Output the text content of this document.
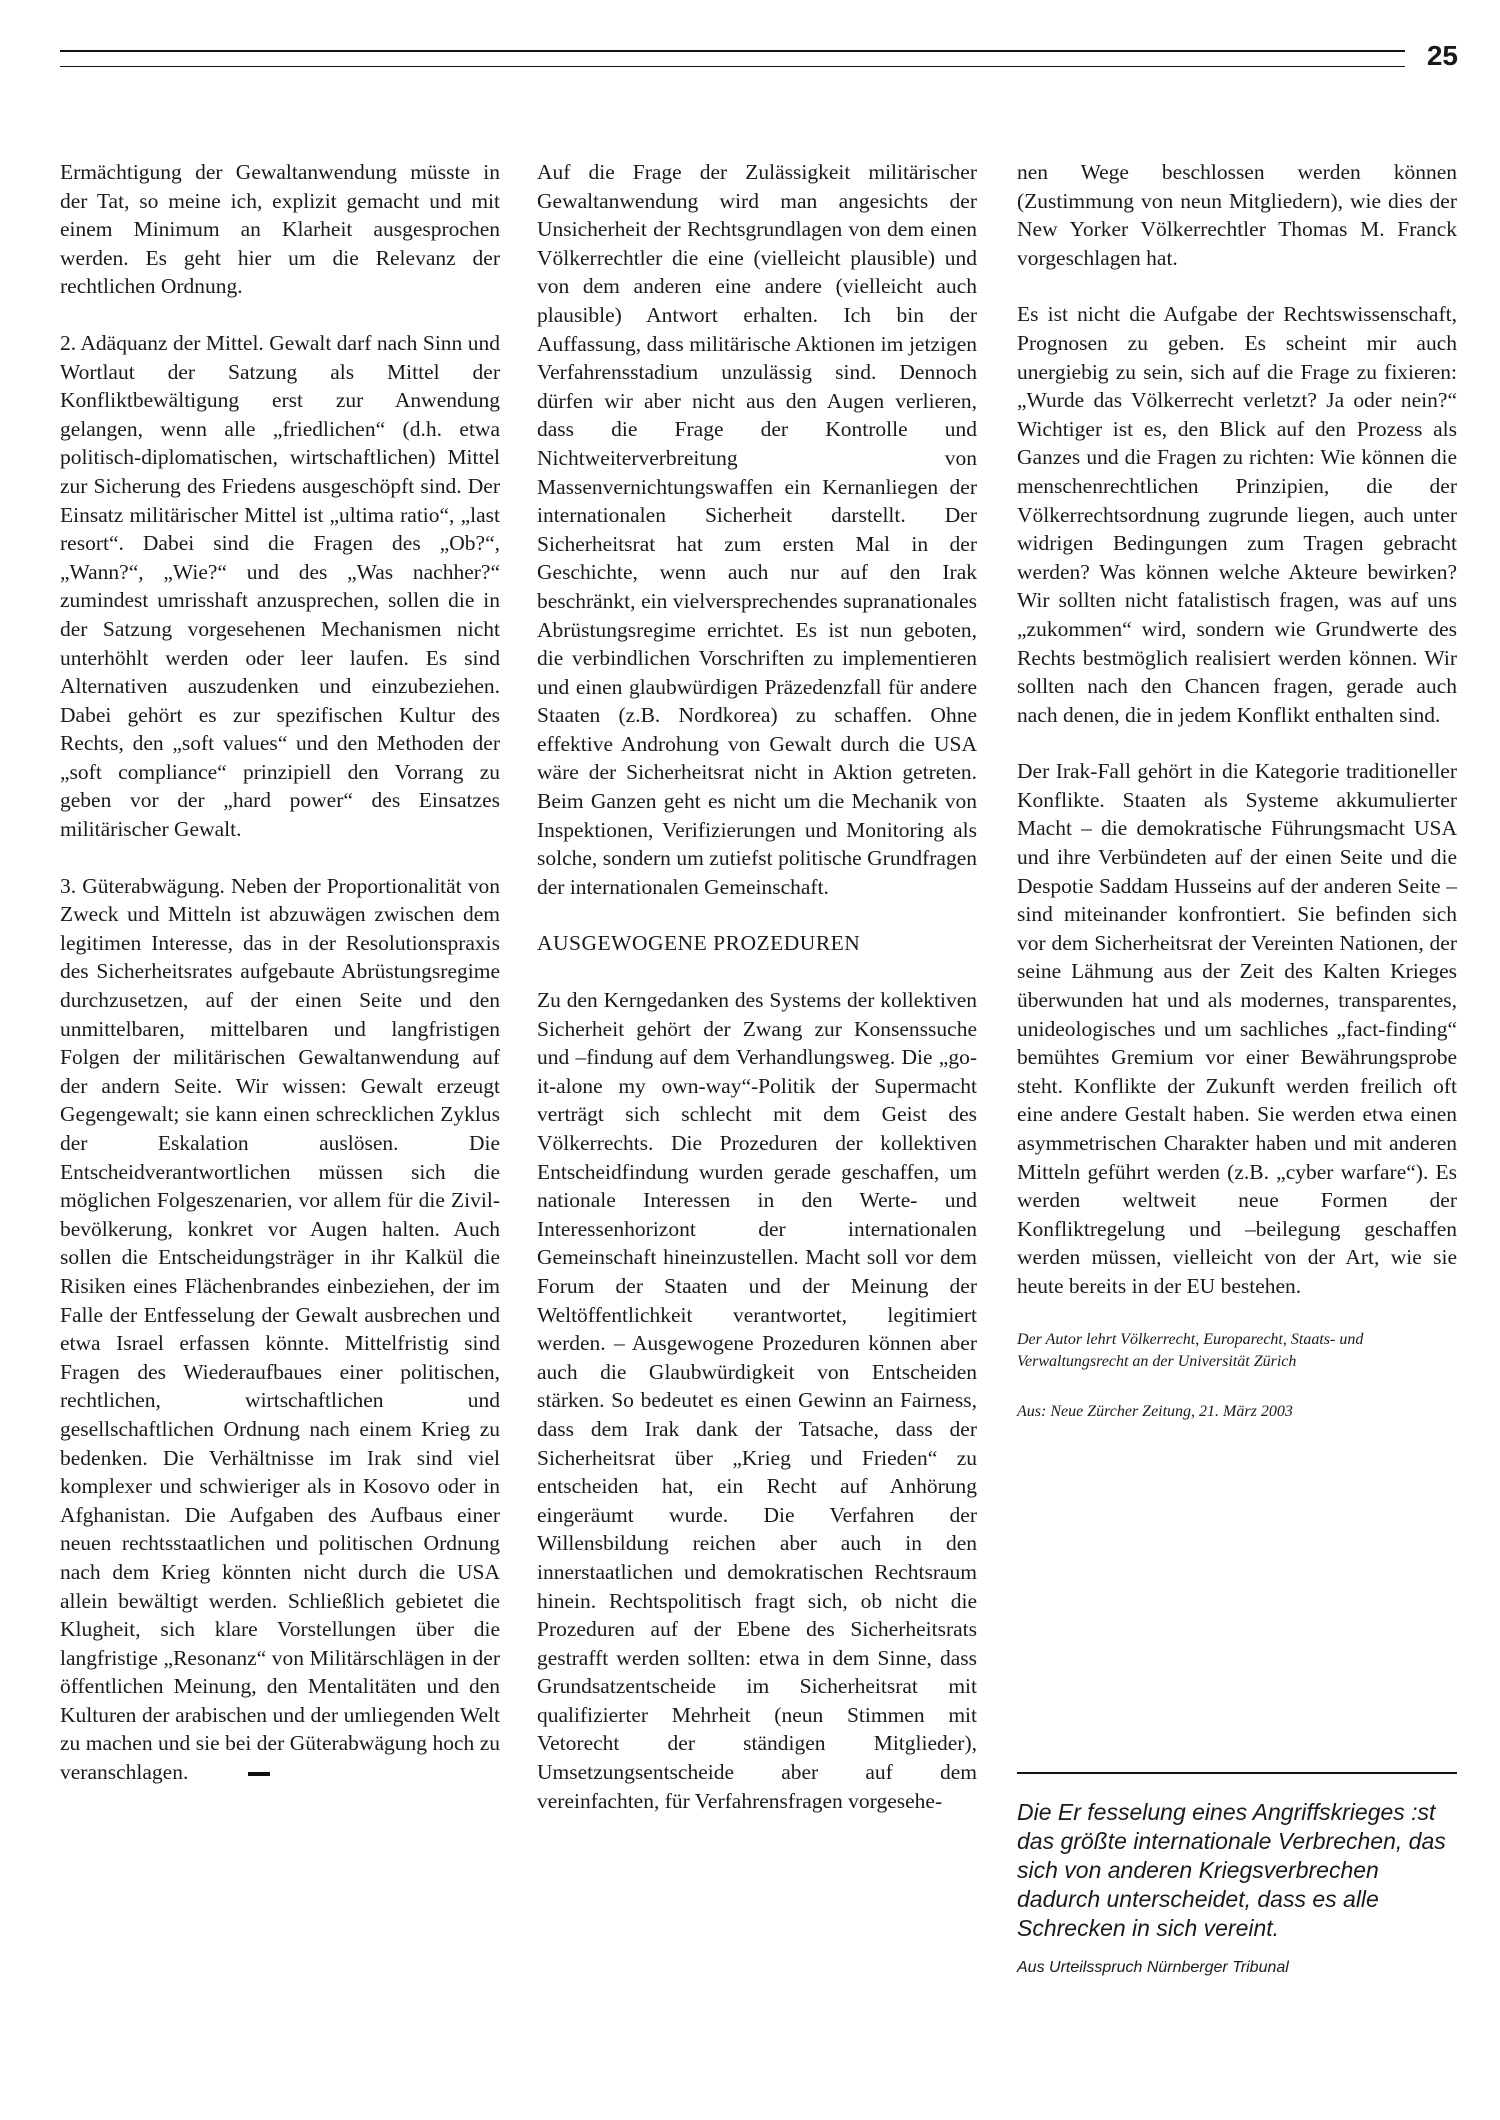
25

Ermächtigung der Gewaltanwendung müsste in der Tat, so meine ich, explizit gemacht und mit einem Minimum an Klarheit ausgesprochen werden. Es geht hier um die Relevanz der rechtlichen Ordnung.

2. Adäquanz der Mittel. Gewalt darf nach Sinn und Wortlaut der Satzung als Mittel der Konfliktbewältigung erst zur Anwendung gelangen, wenn alle „friedlichen“ (d.h. etwa politisch-diplomatischen, wirtschaftlichen) Mittel zur Sicherung des Friedens ausgeschöpft sind. Der Einsatz militärischer Mittel ist „ultima ratio“, „last resort“. Dabei sind die Fragen des „Ob?“, „Wann?“, „Wie?“ und des „Was nachher?“ zumindest umrisshaft anzusprechen, sollen die in der Satzung vorgesehenen Mechanismen nicht unterhöhlt werden oder leer laufen. Es sind Alternativen auszudenken und einzubeziehen. Dabei gehört es zur spezifischen Kultur des Rechts, den „soft values“ und den Methoden der „soft compliance“ prinzipiell den Vorrang zu geben vor der „hard power“ des Einsatzes militärischer Gewalt.

3. Güterabwägung. Neben der Proportionalität von Zweck und Mitteln ist abzuwägen zwischen dem legitimen Interesse, das in der Resolutionspraxis des Sicherheitsrates aufgebaute Abrüstungsregime durchzusetzen, auf der einen Seite und den unmittelbaren, mittelbaren und langfristigen Folgen der militärischen Gewaltanwendung auf der andern Seite. Wir wissen: Gewalt erzeugt Gegengewalt; sie kann einen schrecklichen Zyklus der Eskalation auslösen. Die Entscheidverantwortlichen müssen sich die möglichen Folgeszenarien, vor allem für die Zivil-bevölkerung, konkret vor Augen halten. Auch sollen die Entscheidungsträger in ihr Kalkül die Risiken eines Flächenbrandes einbeziehen, der im Falle der Entfesselung der Gewalt ausbrechen und etwa Israel erfassen könnte. Mittelfristig sind Fragen des Wiederaufbaues einer politischen, rechtlichen, wirtschaftlichen und gesellschaftlichen Ordnung nach einem Krieg zu bedenken. Die Verhältnisse im Irak sind viel komplexer und schwieriger als in Kosovo oder in Afghanistan. Die Aufgaben des Aufbaus einer neuen rechtsstaatlichen und politischen Ordnung nach dem Krieg könnten nicht durch die USA allein bewältigt werden. Schließlich gebietet die Klugheit, sich klare Vorstellungen über die langfristige „Resonanz“ von Militärschlägen in der öffentlichen Meinung, den Mentalitäten und den Kulturen der arabischen und der umliegenden Welt zu machen und sie bei der Güterabwägung hoch zu veranschlagen.

Auf die Frage der Zulässigkeit militärischer Gewaltanwendung wird man angesichts der Unsicherheit der Rechtsgrundlagen von dem einen Völkerrechtler die eine (vielleicht plausible) und von dem anderen eine andere (vielleicht auch plausible) Antwort erhalten. Ich bin der Auffassung, dass militärische Aktionen im jetzigen Verfahrensstadium unzulässig sind. Dennoch dürfen wir aber nicht aus den Augen verlieren, dass die Frage der Kontrolle und Nichtweiterverbreitung von Massenvernichtungswaffen ein Kernanliegen der internationalen Sicherheit darstellt. Der Sicherheitsrat hat zum ersten Mal in der Geschichte, wenn auch nur auf den Irak beschränkt, ein vielversprechendes supranationales Abrüstungsregime errichtet. Es ist nun geboten, die verbindlichen Vorschriften zu implementieren und einen glaubwürdigen Präzedenzfall für andere Staaten (z.B. Nordkorea) zu schaffen. Ohne effektive Androhung von Gewalt durch die USA wäre der Sicherheitsrat nicht in Aktion getreten. Beim Ganzen geht es nicht um die Mechanik von Inspektionen, Verifizierungen und Monitoring als solche, sondern um zutiefst politische Grundfragen der internationalen Gemeinschaft.

AUSGEWOGENE PROZEDUREN

Zu den Kerngedanken des Systems der kollektiven Sicherheit gehört der Zwang zur Konsenssuche und –findung auf dem Verhandlungsweg. Die „go-it-alone my own-way“-Politik der Supermacht verträgt sich schlecht mit dem Geist des Völkerrechts. Die Prozeduren der kollektiven Entscheidfindung wurden gerade geschaffen, um nationale Interessen in den Werte- und Interessenhorizont der internationalen Gemeinschaft hineinzustellen. Macht soll vor dem Forum der Staaten und der Meinung der Weltöffentlichkeit verantwortet, legitimiert werden. – Ausgewogene Prozeduren können aber auch die Glaubwürdigkeit von Entscheiden stärken. So bedeutet es einen Gewinn an Fairness, dass dem Irak dank der Tatsache, dass der Sicherheitsrat über „Krieg und Frieden“ zu entscheiden hat, ein Recht auf Anhörung eingeräumt wurde. Die Verfahren der Willensbildung reichen aber auch in den innerstaatlichen und demokratischen Rechtsraum hinein. Rechtspolitisch fragt sich, ob nicht die Prozeduren auf der Ebene des Sicherheitsrats gestrafft werden sollten: etwa in dem Sinne, dass Grundsatzentscheide im Sicherheitsrat mit qualifizierter Mehrheit (neun Stimmen mit Vetorecht der ständigen Mitglieder), Umsetzungsentscheide aber auf dem vereinfachten, für Verfahrensfragen vorgesehe-

nen Wege beschlossen werden können (Zustimmung von neun Mitgliedern), wie dies der New Yorker Völkerrechtler Thomas M. Franck vorgeschlagen hat.

Es ist nicht die Aufgabe der Rechtswissenschaft, Prognosen zu geben. Es scheint mir auch unergiebig zu sein, sich auf die Frage zu fixieren: „Wurde das Völkerrecht verletzt? Ja oder nein?“ Wichtiger ist es, den Blick auf den Prozess als Ganzes und die Fragen zu richten: Wie können die menschenrechtlichen Prinzipien, die der Völkerrechtsordnung zugrunde liegen, auch unter widrigen Bedingungen zum Tragen gebracht werden? Was können welche Akteure bewirken? Wir sollten nicht fatalistisch fragen, was auf uns „zukommen“ wird, sondern wie Grundwerte des Rechts bestmöglich realisiert werden können. Wir sollten nach den Chancen fragen, gerade auch nach denen, die in jedem Konflikt enthalten sind.

Der Irak-Fall gehört in die Kategorie traditioneller Konflikte. Staaten als Systeme akkumulierter Macht – die demokratische Führungsmacht USA und ihre Verbündeten auf der einen Seite und die Despotie Saddam Husseins auf der anderen Seite – sind miteinander konfrontiert. Sie befinden sich vor dem Sicherheitsrat der Vereinten Nationen, der seine Lähmung aus der Zeit des Kalten Krieges überwunden hat und als modernes, transparentes, unideologisches und um sachliches „fact-finding“ bemühtes Gremium vor einer Bewährungsprobe steht. Konflikte der Zukunft werden freilich oft eine andere Gestalt haben. Sie werden etwa einen asymmetrischen Charakter haben und mit anderen Mitteln geführt werden (z.B. „cyber warfare“). Es werden weltweit neue Formen der Konfliktregelung und –beilegung geschaffen werden müssen, vielleicht von der Art, wie sie heute bereits in der EU bestehen.

Der Autor lehrt Völkerrecht, Europarecht, Staats- und Verwaltungsrecht an der Universität Zürich

Aus: Neue Zürcher Zeitung, 21. März 2003

Die Er fesselung eines Angriffskrieges :st das größte internationale Verbrechen, das sich von anderen Kriegsverbrechen dadurch unterscheidet, dass es alle Schrecken in sich vereint.

Aus Urteilsspruch Nürnberger Tribunal
